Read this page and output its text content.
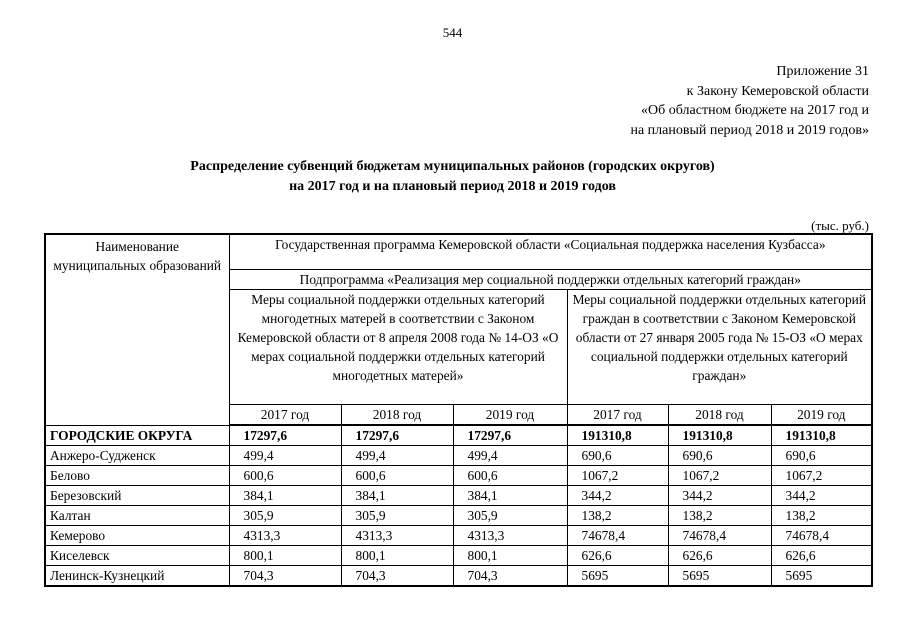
544
Приложение 31
к Закону Кемеровской области
«Об областном бюджете на 2017 год и
на плановый период 2018 и 2019 годов»
Распределение субвенций бюджетам муниципальных районов (городских округов)
на 2017 год и на плановый период 2018 и 2019 годов
(тыс. руб.)
Наименование муниципальных образований	Государственная программа Кемеровской области «Социальная поддержка населения Кузбасса»					
	Подпрограмма «Реализация мер социальной поддержки отдельных категорий граждан»					
	Меры социальной поддержки отдельных категорий многодетных матерей в соответствии с Законом Кемеровской области от 8 апреля 2008 года № 14-ОЗ «О мерах социальной поддержки отдельных категорий многодетных матерей»			Меры социальной поддержки отдельных категорий граждан в соответствии с Законом Кемеровской области от 27 января 2005 года № 15-ОЗ «О мерах социальной поддержки отдельных категорий граждан»		
	2017 год	2018 год	2019 год	2017 год	2018 год	2019 год
ГОРОДСКИЕ ОКРУГА	17297,6	17297,6	17297,6	191310,8	191310,8	191310,8
Анжеро-Судженск	499,4	499,4	499,4	690,6	690,6	690,6
Белово	600,6	600,6	600,6	1067,2	1067,2	1067,2
Березовский	384,1	384,1	384,1	344,2	344,2	344,2
Калтан	305,9	305,9	305,9	138,2	138,2	138,2
Кемерово	4313,3	4313,3	4313,3	74678,4	74678,4	74678,4
Киселевск	800,1	800,1	800,1	626,6	626,6	626,6
Ленинск-Кузнецкий	704,3	704,3	704,3	5695	5695	5695
